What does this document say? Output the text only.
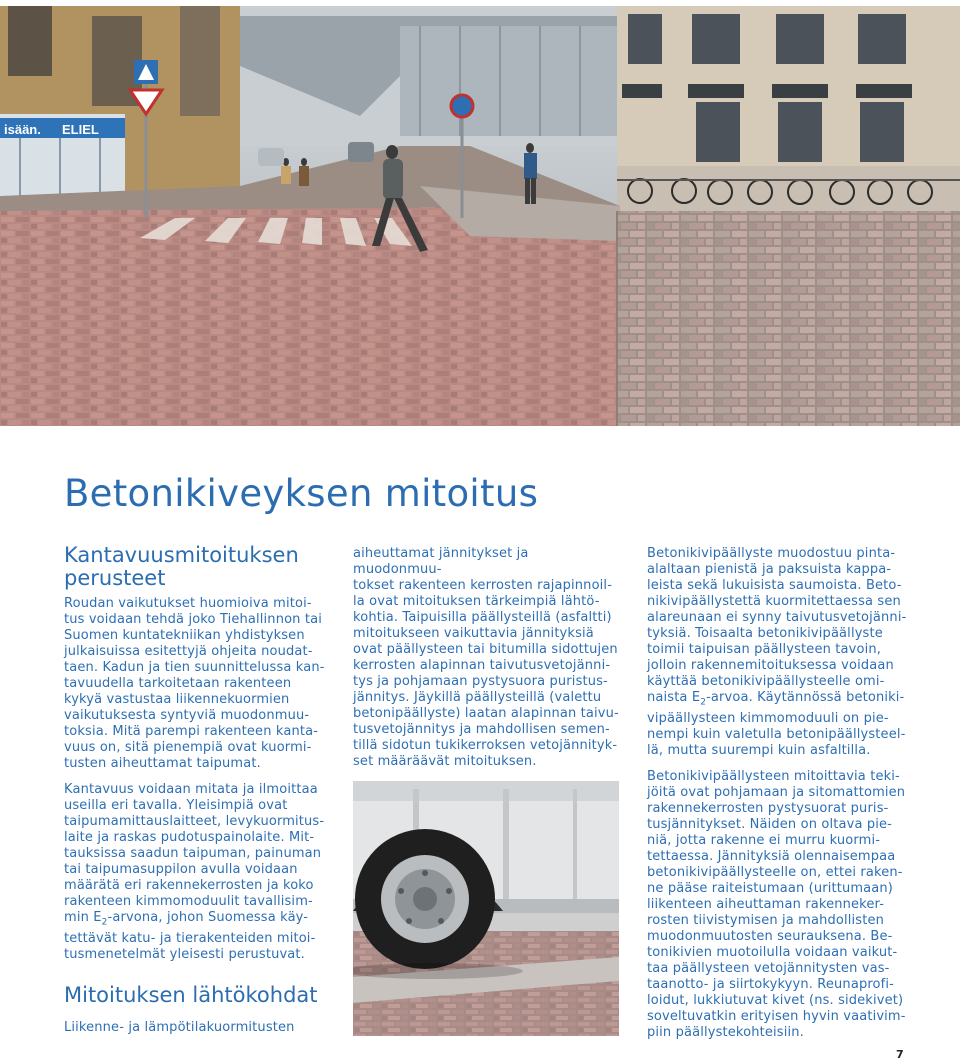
isään. ELIEL
Betonikiveyksen mitoitus
Kantavuusmitoituksen
perusteet

Roudan vaikutukset huomioiva mitoi-
tus voidaan tehdä joko Tiehallinnon tai
Suomen kuntatekniikan yhdistyksen
julkaisuissa esitettyjä ohjeita noudat-
taen. Kadun ja tien suunnittelussa kan-
tavuudella tarkoitetaan rakenteen
kykyä vastustaa liikennekuormien
vaikutuksesta syntyviä muodonmuu-
toksia. Mitä parempi rakenteen kanta-
vuus on, sitä pienempiä ovat kuormi-
tusten aiheuttamat taipumat.

Kantavuus voidaan mitata ja ilmoittaa
useilla eri tavalla. Yleisimpiä ovat
taipumamittauslaitteet, levykuormitus-
laite ja raskas pudotuspainolaite. Mit-
tauksissa saadun taipuman, painuman
tai taipumasuppilon avulla voidaan
määrätä eri rakennekerrosten ja koko
rakenteen kimmomoduulit tavallisim-
$\min E_2$-arvona, johon Suomessa käy-
tettävät katu- ja tierakenteiden mitoi-
tusmenetelmät yleisesti perustuvat.

Mitoituksen lähtökohdat

Liikenne- ja lämpötilakuormitusten

aiheuttamat jännitykset ja muodonmuu-
tokset rakenteen kerrosten rajapinnoil-
la ovat mitoituksen tärkeimpiä lähtö-
kohtia. Taipuisilla päällysteillä (asfaltti)
mitoitukseen vaikuttavia jännityksiä
ovat päällysteen tai bitumilla sidottujen
kerrosten alapinnan taivutusvetojänni-
tys ja pohjamaan pystysuora puristus-
jännitys. Jäykillä päällysteillä (valettu
betonipäällyste) laatan alapinnan taivu-
tusvetojännitys ja mahdollisen semen-
tillä sidotun tukikerroksen vetojännityk-
set määräävät mitoituksen.

Betonikivipäällyste muodostuu pinta-
alaltaan pienistä ja paksuista kappa-
leista sekä lukuisista saumoista. Beto-
nikivipäällystettä kuormitettaessa sen
alareunaan ei synny taivutusvetojänni-
tyksiä. Toisaalta betonikivipäällyste
toimii taipuisan päällysteen tavoin,
jolloin rakennemitoituksessa voidaan
käyttää betonikivipäällysteelle omi-
naista $E_2$-arvoa. Käytännössä betoniki-
vipäällysteen kimmomoduuli on pie-
nempi kuin valetulla betonipäällysteel-
lä, mutta suurempi kuin asfaltilla.

Betonikivipäällysteen mitoittavia teki-
jöitä ovat pohjamaan ja sitomattomien
rakennekerrosten pystysuorat puris-
tusjännitykset. Näiden on oltava pie-
niä, jotta rakenne ei murru kuormi-
tettaessa. Jännityksiä olennaisempaa
betonikivipäällysteelle on, ettei raken-
ne pääse raiteistumaan (urittumaan)
liikenteen aiheuttaman rakenneker-
rosten tiivistymisen ja mahdollisten
muodonmuutosten seurauksena. Be-
tonikivien muotoilulla voidaan vaikut-
taa päällysteen vetojännitysten vas-
taanotto- ja siirtokykyyn. Reunaprofi-
loidut, lukkiutuvat kivet (ns. sidekivet)
soveltuvatkin erityisen hyvin vaativim-
piin päällystekohteisiin.

7
